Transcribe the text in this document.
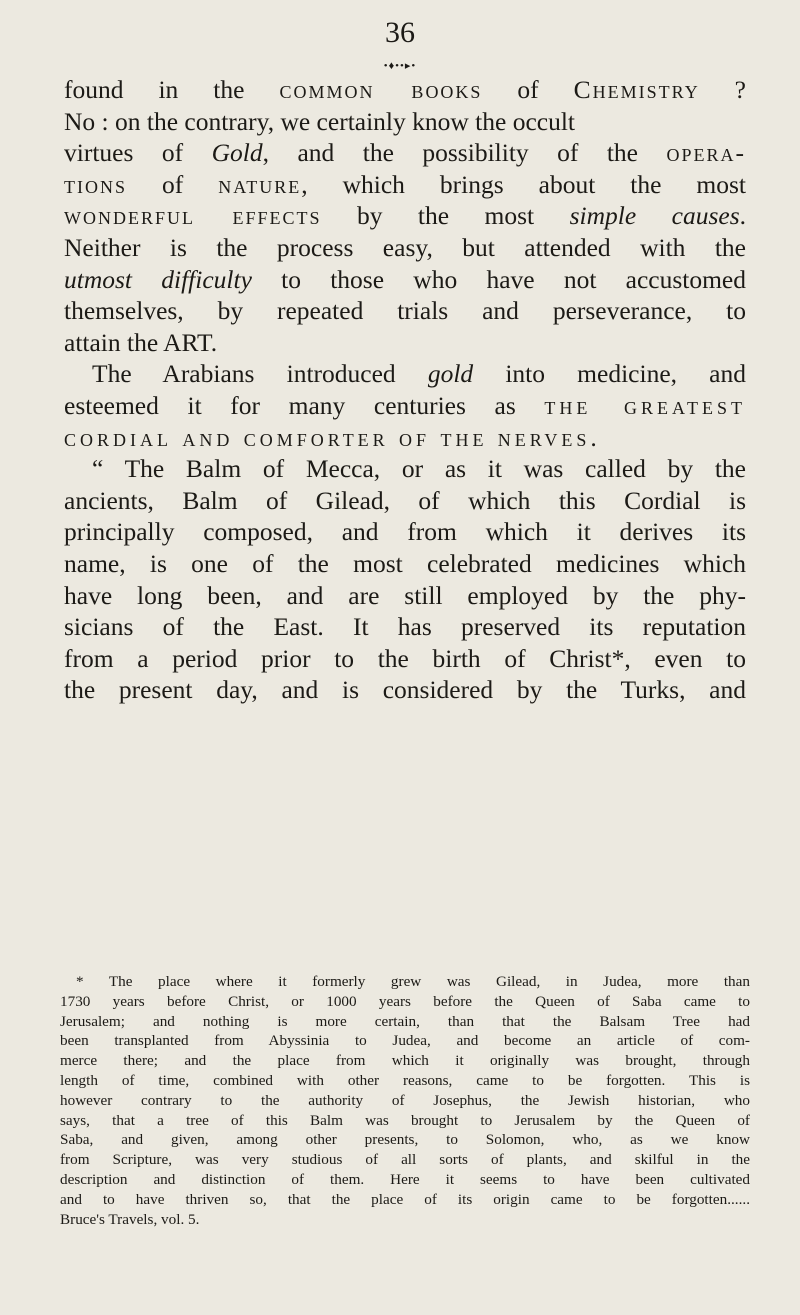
36
•♦••▸•
found in the common books of Chemistry ?
No : on the contrary, we certainly know the occult
virtues of Gold, and the possibility of the opera-
tions of nature, which brings about the most
wonderful effects by the most simple causes.
Neither is the process easy, but attended with the
utmost difficulty to those who have not accustomed
themselves, by repeated trials and perseverance, to
attain the ART.
The Arabians introduced gold into medicine, and
esteemed it for many centuries as the greatest
cordial and comforter of the nerves.
“ The Balm of Mecca, or as it was called by the
ancients, Balm of Gilead, of which this Cordial is
principally composed, and from which it derives its
name, is one of the most celebrated medicines which
have long been, and are still employed by the phy-
sicians of the East. It has preserved its reputation
from a period prior to the birth of Christ*, even to
the present day, and is considered by the Turks, and
* The place where it formerly grew was Gilead, in Judea, more than
1730 years before Christ, or 1000 years before the Queen of Saba came to
Jerusalem; and nothing is more certain, than that the Balsam Tree had
been transplanted from Abyssinia to Judea, and become an article of com-
merce there; and the place from which it originally was brought, through
length of time, combined with other reasons, came to be forgotten. This is
however contrary to the authority of Josephus, the Jewish historian, who
says, that a tree of this Balm was brought to Jerusalem by the Queen of
Saba, and given, among other presents, to Solomon, who, as we know
from Scripture, was very studious of all sorts of plants, and skilful in the
description and distinction of them. Here it seems to have been cultivated
and to have thriven so, that the place of its origin came to be forgotten......
Bruce's Travels, vol. 5.
